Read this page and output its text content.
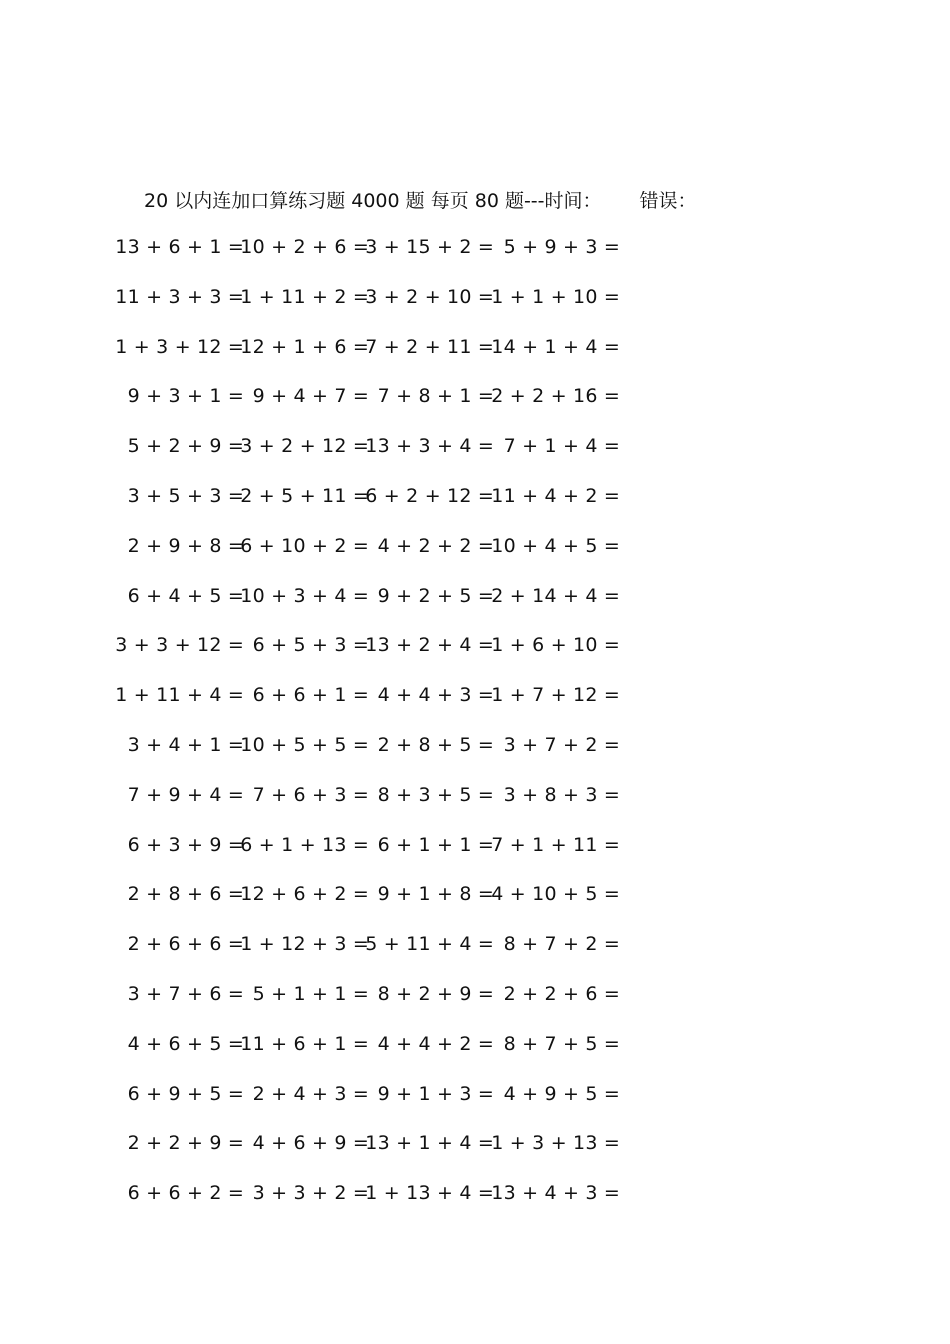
20 以内连加口算练习题 4000 题 每页 80 题---时间： 错误：
13 + 6 + 1 =
10 + 2 + 6 =
3 + 15 + 2 = 5 + 9 + 3 =
11 + 3 + 3 =
1 + 11 + 2 =
3 + 2 + 10 =
1 + 1 + 10 =
1 + 3 + 12 =
12 + 1 + 6 =
7 + 2 + 11 =
14 + 1 + 4 =
9 + 3 + 1 = 9 + 4 + 7 = 7 + 8 + 1 =
2 + 2 + 16 =
5 + 2 + 9 =
3 + 2 + 12 =
13 + 3 + 4 = 7 + 1 + 4 =
3 + 5 + 3 =
2 + 5 + 11 =
6 + 2 + 12 =
11 + 4 + 2 =
2 + 9 + 8 =
6 + 10 + 2 = 4 + 2 + 2 =
10 + 4 + 5 =
6 + 4 + 5 =
10 + 3 + 4 = 9 + 2 + 5 =
2 + 14 + 4 =
3 + 3 + 12 = 6 + 5 + 3 =
13 + 2 + 4 =
1 + 6 + 10 =
1 + 11 + 4 = 6 + 6 + 1 = 4 + 4 + 3 =
1 + 7 + 12 =
3 + 4 + 1 =
10 + 5 + 5 = 2 + 8 + 5 = 3 + 7 + 2 =
7 + 9 + 4 = 7 + 6 + 3 = 8 + 3 + 5 = 3 + 8 + 3 =
6 + 3 + 9 =
6 + 1 + 13 = 6 + 1 + 1 =
7 + 1 + 11 =
2 + 8 + 6 =
12 + 6 + 2 = 9 + 1 + 8 =
4 + 10 + 5 =
2 + 6 + 6 =
1 + 12 + 3 =
5 + 11 + 4 = 8 + 7 + 2 =
3 + 7 + 6 = 5 + 1 + 1 = 8 + 2 + 9 = 2 + 2 + 6 =
4 + 6 + 5 =
11 + 6 + 1 = 4 + 4 + 2 = 8 + 7 + 5 =
6 + 9 + 5 = 2 + 4 + 3 = 9 + 1 + 3 = 4 + 9 + 5 =
2 + 2 + 9 = 4 + 6 + 9 =
13 + 1 + 4 =
1 + 3 + 13 =
6 + 6 + 2 = 3 + 3 + 2 =
1 + 13 + 4 =
13 + 4 + 3 =
